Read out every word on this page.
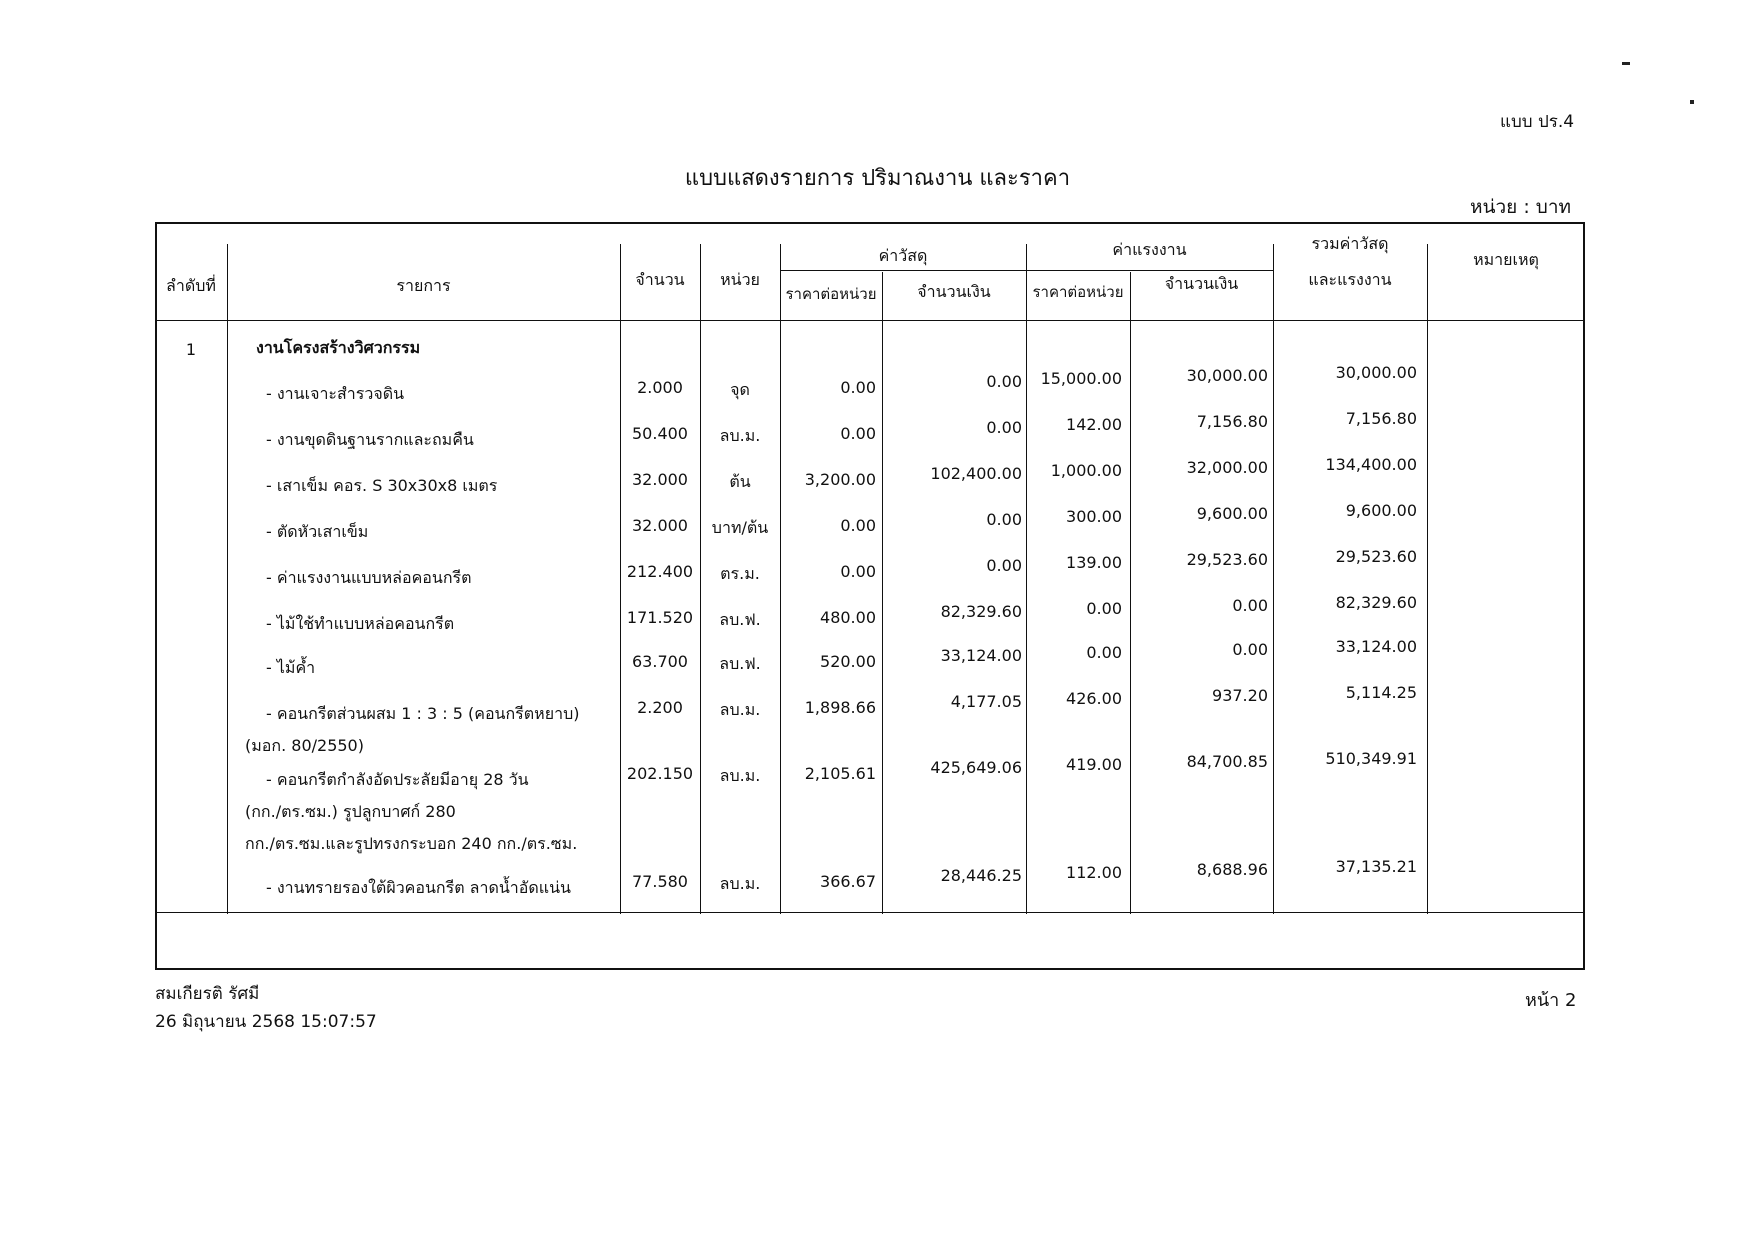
แบบ ปร.4
แบบแสดงรายการ ปริมาณงาน และราคา
หน่วย : บาท
ลำดับที่	รายการ	จำนวน	หน่วย
ค่าวัสดุ	ค่าแรงงาน
ราคาต่อหน่วย	จำนวนเงิน	ราคาต่อหน่วย	จำนวนเงิน
รวมค่าวัสดุ
และแรงงาน
หมายเหตุ
1	งานโครงสร้างวิศวกรรม
- งานเจาะสำรวจดิน	2.000	จุด	0.00	0.00	15,000.00	30,000.00	30,000.00
- งานขุดดินฐานรากและถมคืน	50.400	ลบ.ม.	0.00	0.00	142.00	7,156.80	7,156.80
- เสาเข็ม คอร. S 30x30x8 เมตร	32.000	ต้น	3,200.00	102,400.00	1,000.00	32,000.00	134,400.00
- ตัดหัวเสาเข็ม	32.000	บาท/ต้น	0.00	0.00	300.00	9,600.00	9,600.00
- ค่าแรงงานแบบหล่อคอนกรีต	212.400	ตร.ม.	0.00	0.00	139.00	29,523.60	29,523.60
- ไม้ใช้ทำแบบหล่อคอนกรีต	171.520	ลบ.ฟ.	480.00	82,329.60	0.00	0.00	82,329.60
- ไม้ค้ำ	63.700	ลบ.ฟ.	520.00	33,124.00	0.00	0.00	33,124.00
- คอนกรีตส่วนผสม 1 : 3 : 5 (คอนกรีตหยาบ)
(มอก. 80/2550)
2.200	ลบ.ม.	1,898.66	4,177.05	426.00	937.20	5,114.25
- คอนกรีตกำลังอัดประลัยมีอายุ 28 วัน
(กก./ตร.ซม.) รูปลูกบาศก์ 280
กก./ตร.ซม.และรูปทรงกระบอก 240 กก./ตร.ซม.
202.150	ลบ.ม.	2,105.61	425,649.06	419.00	84,700.85	510,349.91
- งานทรายรองใต้ผิวคอนกรีต ลาดน้ำอัดแน่น	77.580	ลบ.ม.	366.67	28,446.25	112.00	8,688.96	37,135.21
สมเกียรติ รัศมี
26 มิถุนายน 2568 15:07:57
หน้า 2
